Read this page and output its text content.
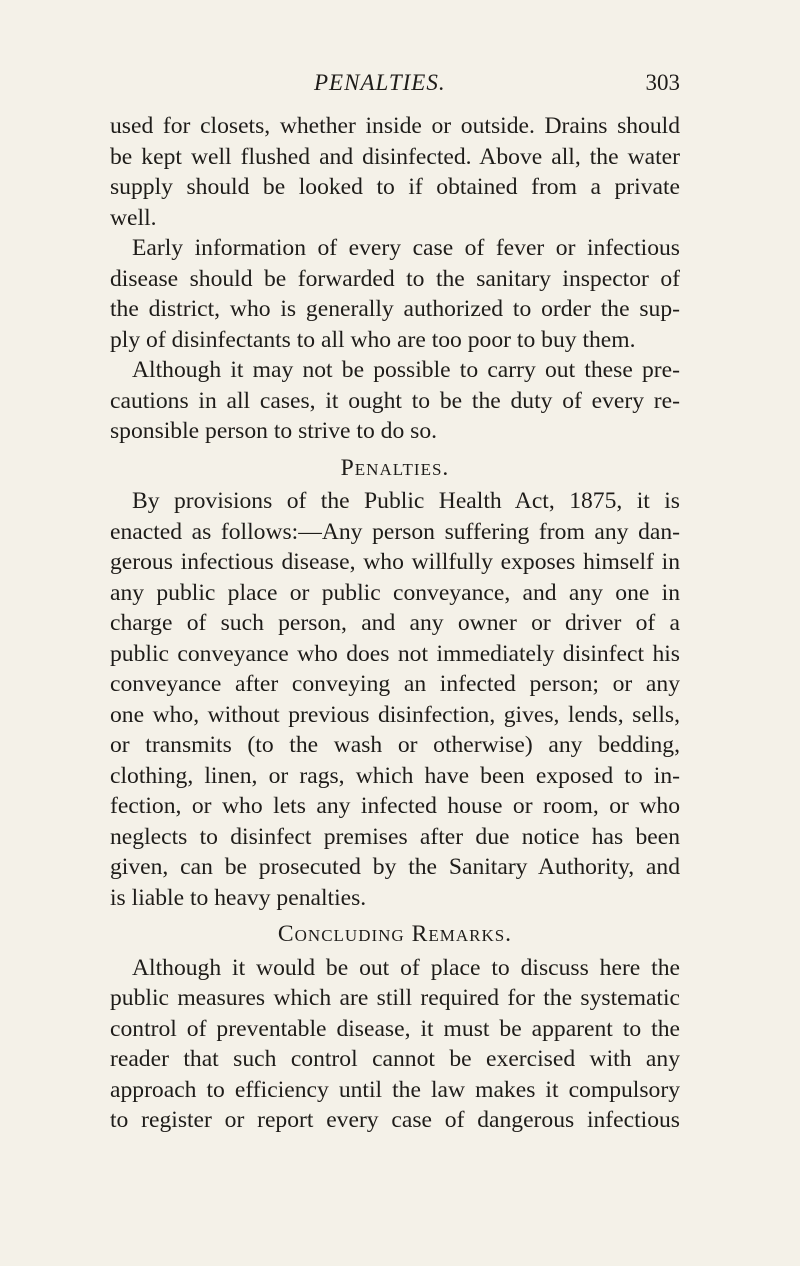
PENALTIES.	303
used for closets, whether inside or outside. Drains should
be kept well flushed and disinfected. Above all, the water
supply should be looked to if obtained from a private
well.
Early information of every case of fever or infectious
disease should be forwarded to the sanitary inspector of
the district, who is generally authorized to order the sup-
ply of disinfectants to all who are too poor to buy them.
Although it may not be possible to carry out these pre-
cautions in all cases, it ought to be the duty of every re-
sponsible person to strive to do so.
Penalties.
By provisions of the Public Health Act, 1875, it is
enacted as follows:—Any person suffering from any dan-
gerous infectious disease, who willfully exposes himself in
any public place or public conveyance, and any one in
charge of such person, and any owner or driver of a
public conveyance who does not immediately disinfect his
conveyance after conveying an infected person; or any
one who, without previous disinfection, gives, lends, sells,
or transmits (to the wash or otherwise) any bedding,
clothing, linen, or rags, which have been exposed to in-
fection, or who lets any infected house or room, or who
neglects to disinfect premises after due notice has been
given, can be prosecuted by the Sanitary Authority, and
is liable to heavy penalties.
Concluding Remarks.
Although it would be out of place to discuss here the
public measures which are still required for the systematic
control of preventable disease, it must be apparent to the
reader that such control cannot be exercised with any
approach to efficiency until the law makes it compulsory
to register or report every case of dangerous infectious
